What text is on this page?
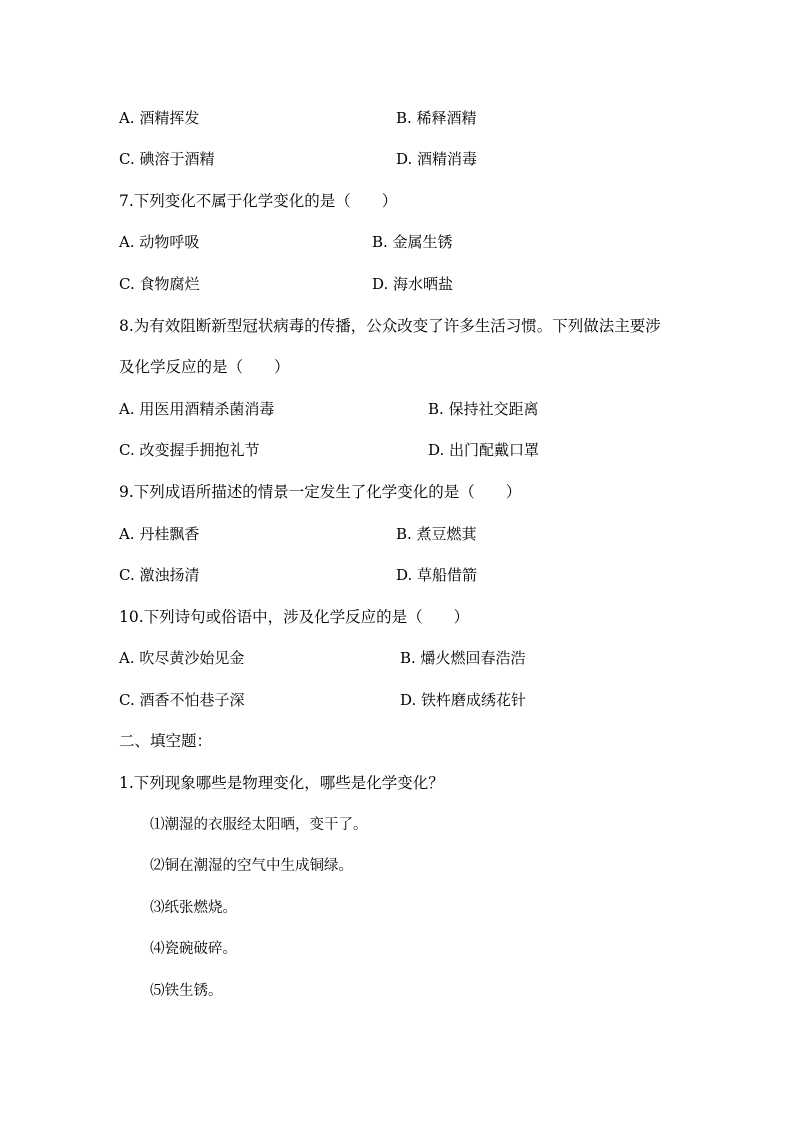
A. 酒精挥发	B. 稀释酒精
C. 碘溶于酒精	D. 酒精消毒
7.下列变化不属于化学变化的是（　　）
A. 动物呼吸	B. 金属生锈
C. 食物腐烂	D. 海水晒盐
8.为有效阻断新型冠状病毒的传播，公众改变了许多生活习惯。下列做法主要涉
及化学反应的是（　　）
A. 用医用酒精杀菌消毒	B. 保持社交距离
C. 改变握手拥抱礼节	D. 出门配戴口罩
9.下列成语所描述的情景一定发生了化学变化的是（　　）
A. 丹桂飘香	B. 煮豆燃萁
C. 激浊扬清	D. 草船借箭
10.下列诗句或俗语中，涉及化学反应的是（　　）
A. 吹尽黄沙始见金	B. 爝火燃回春浩浩
C. 酒香不怕巷子深	D. 铁杵磨成绣花针
二、填空题：
1.下列现象哪些是物理变化，哪些是化学变化？
⑴潮湿的衣服经太阳晒，变干了。
⑵铜在潮湿的空气中生成铜绿。
⑶纸张燃烧。
⑷瓷碗破碎。
⑸铁生锈。
